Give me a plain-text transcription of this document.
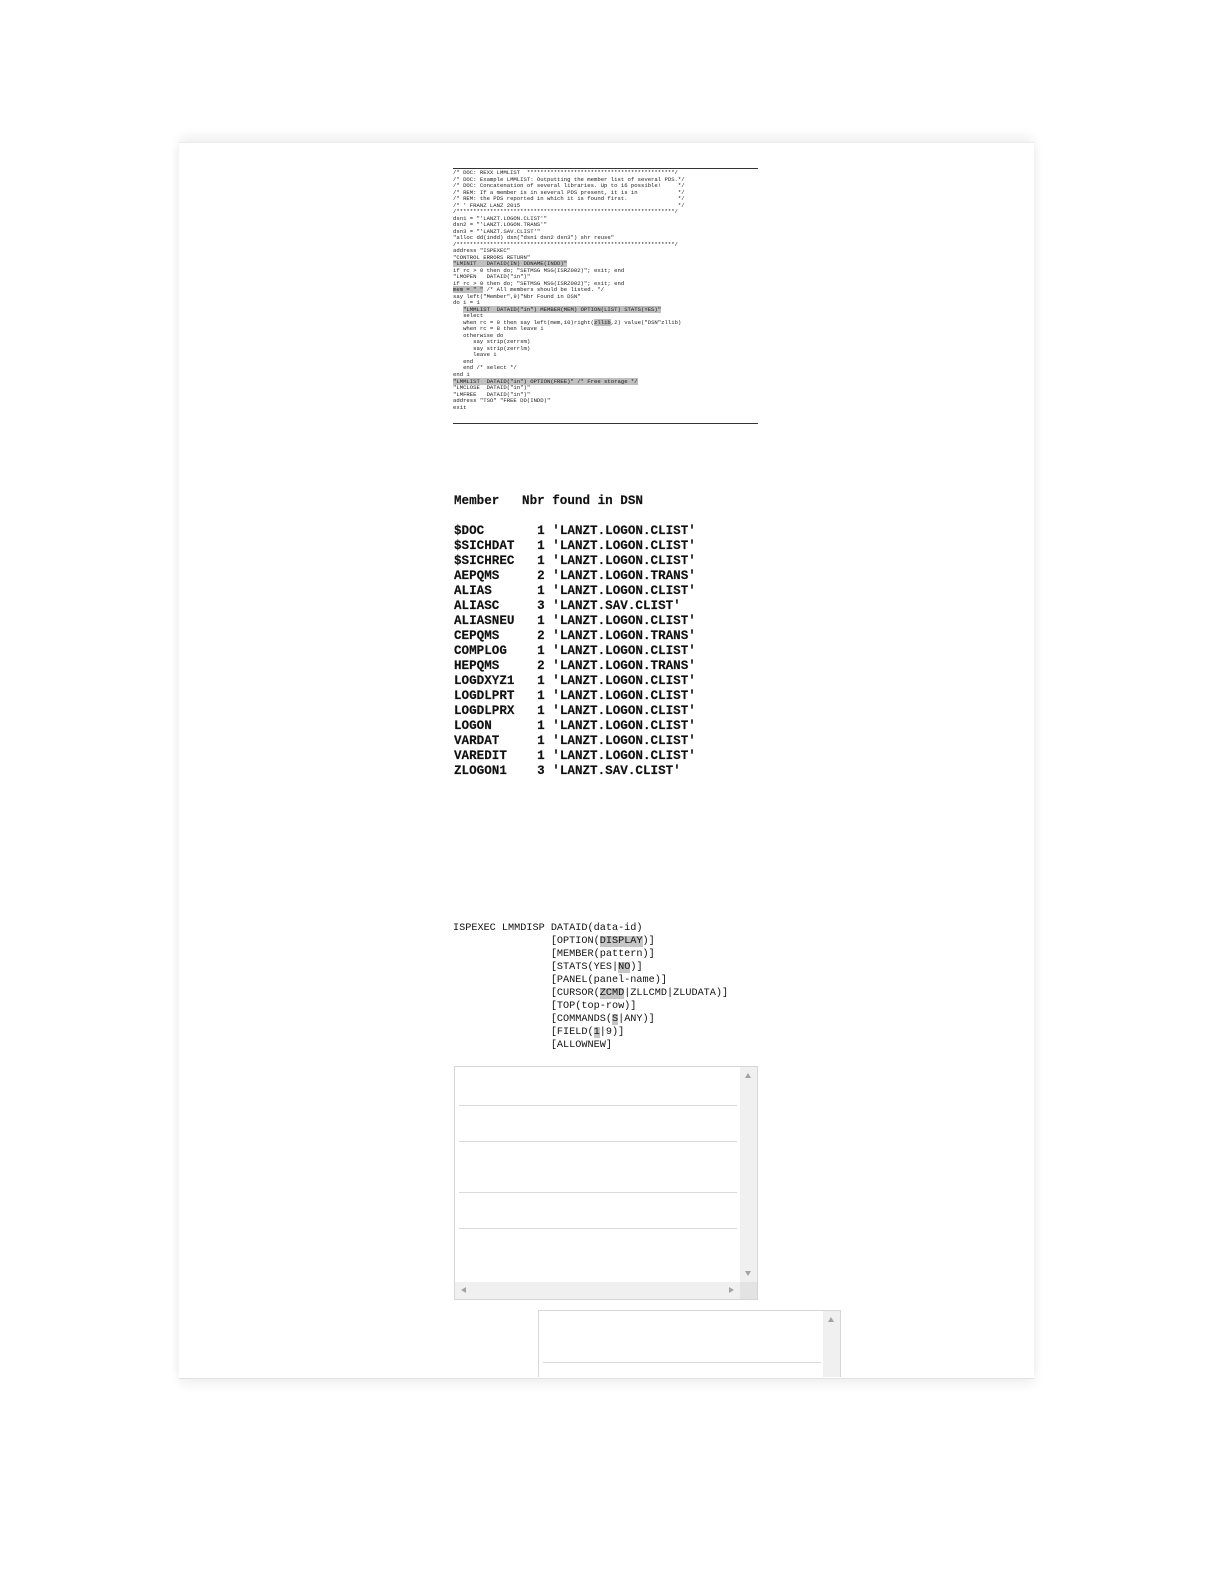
/* DOC: REXX LMMLIST  ********************************************/
/* DOC: Example LMMLIST: Outputting the member list of several PDS.*/
/* DOC: Concatenation of several libraries. Up to 16 possible!     */
/* REM: If a member is in several PDS present, it is in            */
/* REM: the PDS reported in which it is found first.               */
/* ' FRANZ LANZ 2015                                               */
/*****************************************************************/
dsn1 = "'LANZT.LOGON.CLIST'"
dsn2 = "'LANZT.LOGON.TRANS'"
dsn3 = "'LANZT.SAV.CLIST'"
"alloc dd(indd) dsn("dsn1 dsn2 dsn3") shr reuse"
/*****************************************************************/
address "ISPEXEC"
"CONTROL ERRORS RETURN"
"LMINIT   DATAID(IN) DDNAME(INDD)"
if rc > 0 then do; "SETMSG MSG(ISRZ002)"; exit; end
"LMOPEN   DATAID("in")"
if rc > 0 then do; "SETMSG MSG(ISRZ002)"; exit; end
mem = " " /* All members should be listed. */
say left("Member",9)"Nbr Found in DSN"
do i = 1
"LMMLIST  DATAID("in") MEMBER(MEM) OPTION(LIST) STATS(YES)"
select
when rc = 0 then say left(mem,10)right(zllib,2) value("DSN"zllib)
when rc = 8 then leave i
otherwise do
say strip(zerrsm)
say strip(zerrlm)
leave i
end
end /* select */
end i
"LMMLIST  DATAID("in") OPTION(FREE)" /* Free storage */
"LMCLOSE  DATAID("in")"
"LMFREE   DATAID("in")"
address "TSO" "FREE DD(INDD)"
exit

Member   Nbr found in DSN

$DOC       1 'LANZT.LOGON.CLIST'
$SICHDAT   1 'LANZT.LOGON.CLIST'
$SICHREC   1 'LANZT.LOGON.CLIST'
AEPQMS     2 'LANZT.LOGON.TRANS'
ALIAS      1 'LANZT.LOGON.CLIST'
ALIASC     3 'LANZT.SAV.CLIST'
ALIASNEU   1 'LANZT.LOGON.CLIST'
CEPQMS     2 'LANZT.LOGON.TRANS'
COMPLOG    1 'LANZT.LOGON.CLIST'
HEPQMS     2 'LANZT.LOGON.TRANS'
LOGDXYZ1   1 'LANZT.LOGON.CLIST'
LOGDLPRT   1 'LANZT.LOGON.CLIST'
LOGDLPRX   1 'LANZT.LOGON.CLIST'
LOGON      1 'LANZT.LOGON.CLIST'
VARDAT     1 'LANZT.LOGON.CLIST'
VAREDIT    1 'LANZT.LOGON.CLIST'
ZLOGON1    3 'LANZT.SAV.CLIST'
ISPEXEC LMMDISP DATAID(data-id)
[OPTION(DISPLAY)]
[MEMBER(pattern)]
[STATS(YES|NO)]
[PANEL(panel-name)]
[CURSOR(ZCMD|ZLLCMD|ZLUDATA)]
[TOP(top-row)]
[COMMANDS(S|ANY)]
[FIELD(1|9)]
[ALLOWNEW]
